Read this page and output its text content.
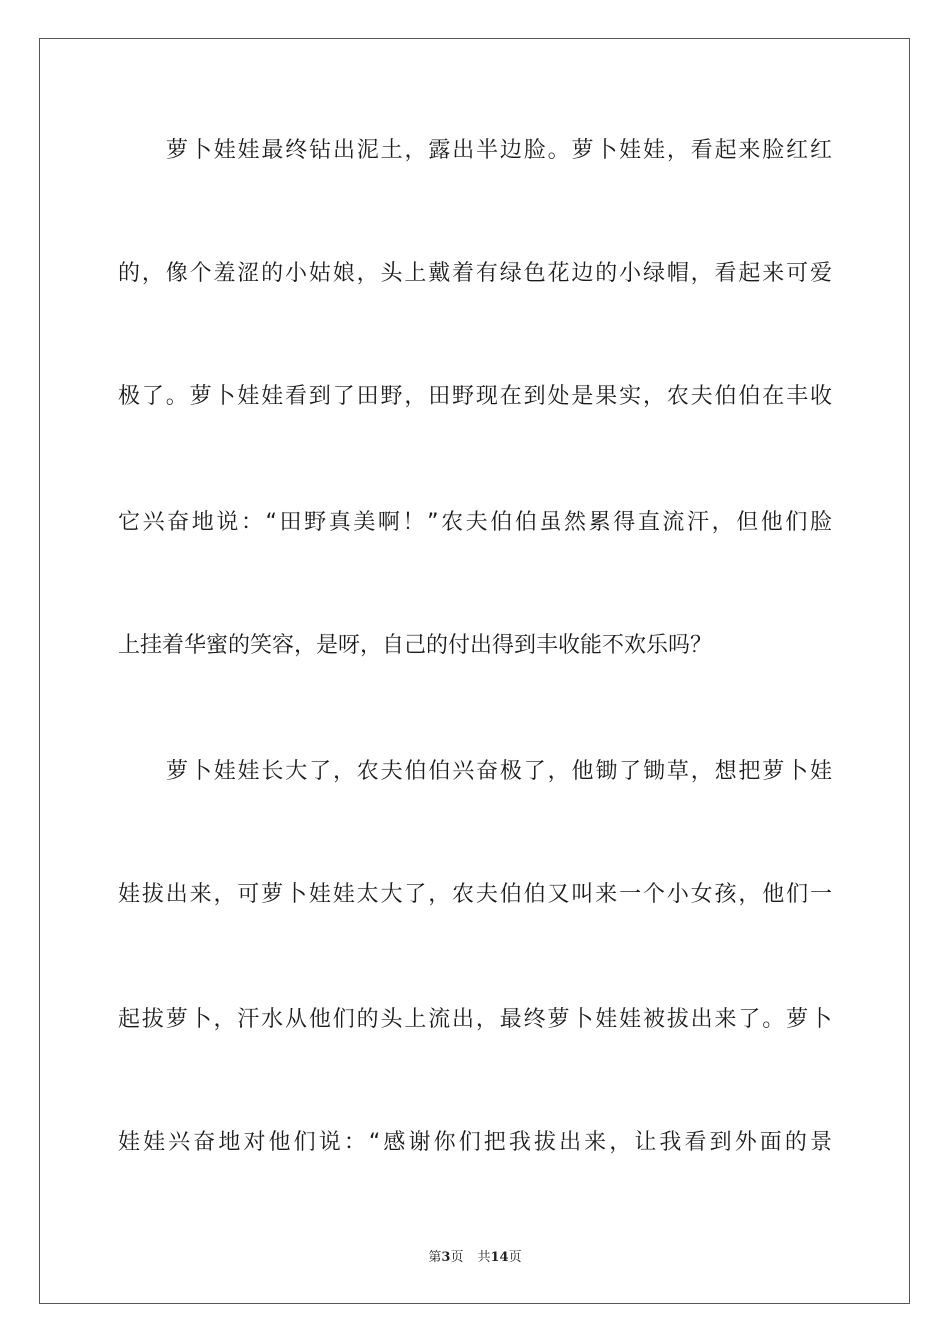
萝卜娃娃最终钻出泥土，露出半边脸。萝卜娃娃，看起来脸红红
的，像个羞涩的小姑娘，头上戴着有绿色花边的小绿帽，看起来可爱
极了。萝卜娃娃看到了田野，田野现在到处是果实，农夫伯伯在丰收
它兴奋地说：“田野真美啊！”农夫伯伯虽然累得直流汗，但他们脸
上挂着华蜜的笑容，是呀，自己的付出得到丰收能不欢乐吗？
萝卜娃娃长大了，农夫伯伯兴奋极了，他锄了锄草，想把萝卜娃
娃拔出来，可萝卜娃娃太大了，农夫伯伯又叫来一个小女孩，他们一
起拔萝卜，汗水从他们的头上流出，最终萝卜娃娃被拔出来了。萝卜
娃娃兴奋地对他们说：“感谢你们把我拔出来，让我看到外面的景
第3页 共14页
